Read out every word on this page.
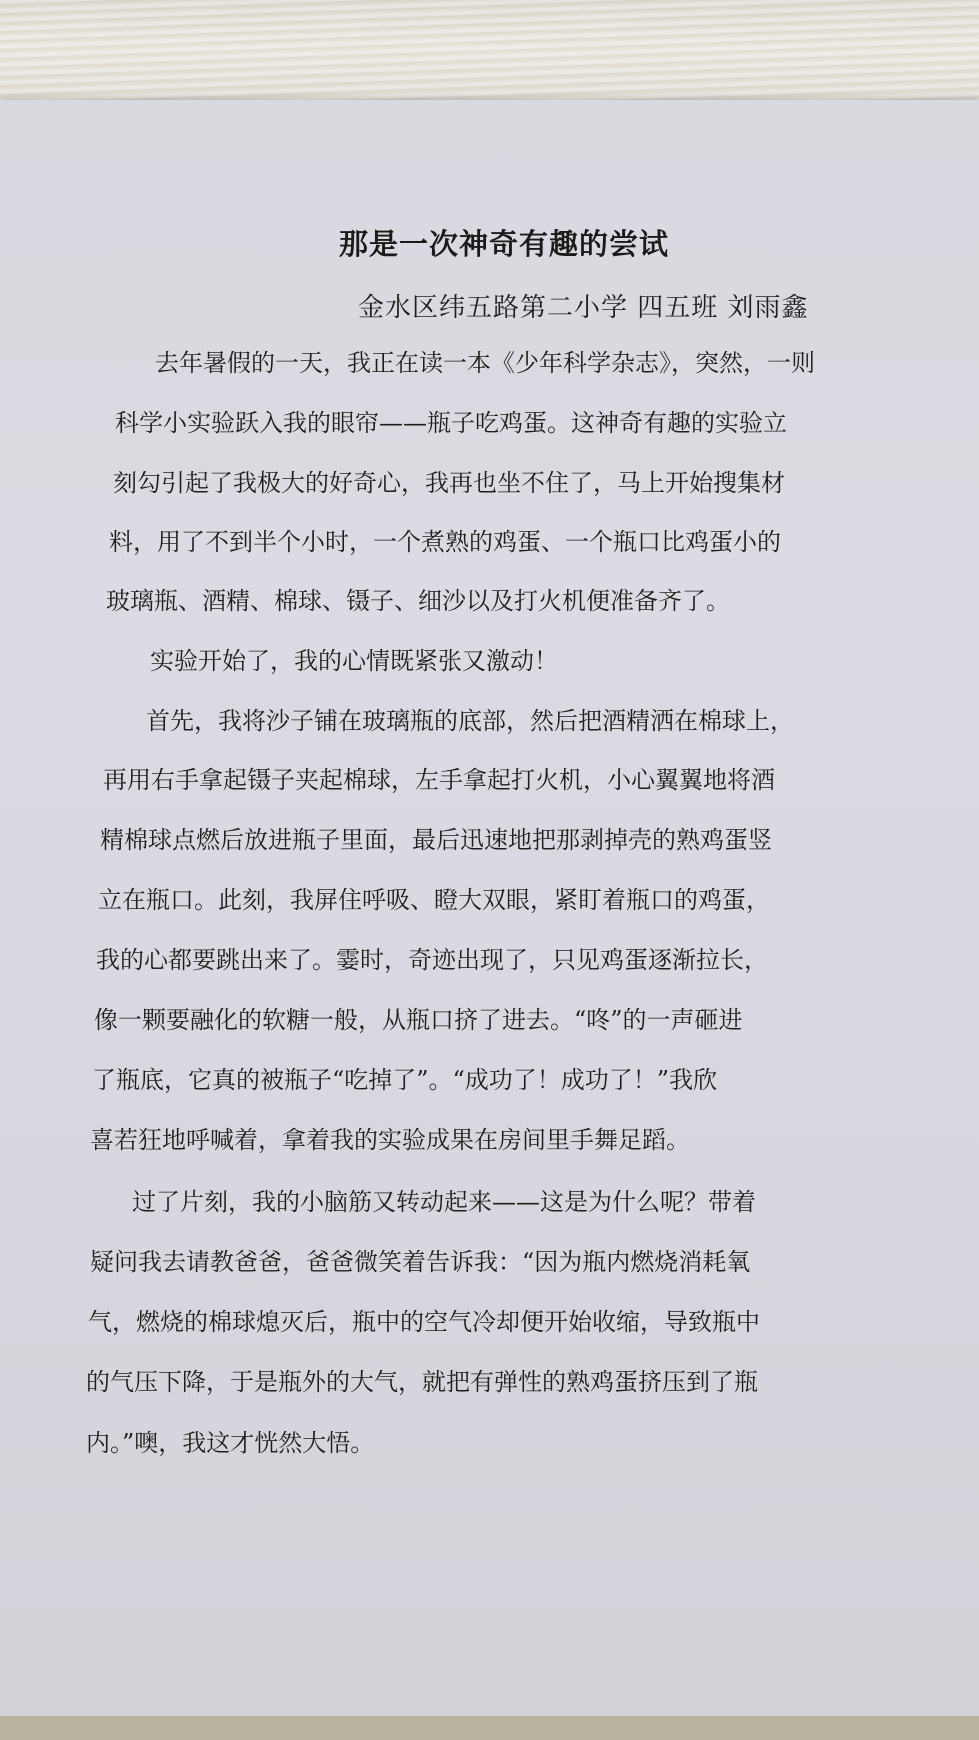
那是一次神奇有趣的尝试

金水区纬五路第二小学 四五班 刘雨鑫

去年暑假的一天，我正在读一本《少年科学杂志》，突然，一则

科学小实验跃入我的眼帘——瓶子吃鸡蛋。这神奇有趣的实验立

刻勾引起了我极大的好奇心，我再也坐不住了，马上开始搜集材

料，用了不到半个小时，一个煮熟的鸡蛋、一个瓶口比鸡蛋小的

玻璃瓶、酒精、棉球、镊子、细沙以及打火机便准备齐了。

实验开始了，我的心情既紧张又激动！

首先，我将沙子铺在玻璃瓶的底部，然后把酒精洒在棉球上，

再用右手拿起镊子夹起棉球，左手拿起打火机，小心翼翼地将酒

精棉球点燃后放进瓶子里面，最后迅速地把那剥掉壳的熟鸡蛋竖

立在瓶口。此刻，我屏住呼吸、瞪大双眼，紧盯着瓶口的鸡蛋，

我的心都要跳出来了。霎时，奇迹出现了，只见鸡蛋逐渐拉长，

像一颗要融化的软糖一般，从瓶口挤了进去。“咚”的一声砸进

了瓶底，它真的被瓶子“吃掉了”。“成功了！成功了！”我欣

喜若狂地呼喊着，拿着我的实验成果在房间里手舞足蹈。

过了片刻，我的小脑筋又转动起来——这是为什么呢？带着

疑问我去请教爸爸，爸爸微笑着告诉我：“因为瓶内燃烧消耗氧

气，燃烧的棉球熄灭后，瓶中的空气冷却便开始收缩，导致瓶中

的气压下降，于是瓶外的大气，就把有弹性的熟鸡蛋挤压到了瓶

内。”噢，我这才恍然大悟。
